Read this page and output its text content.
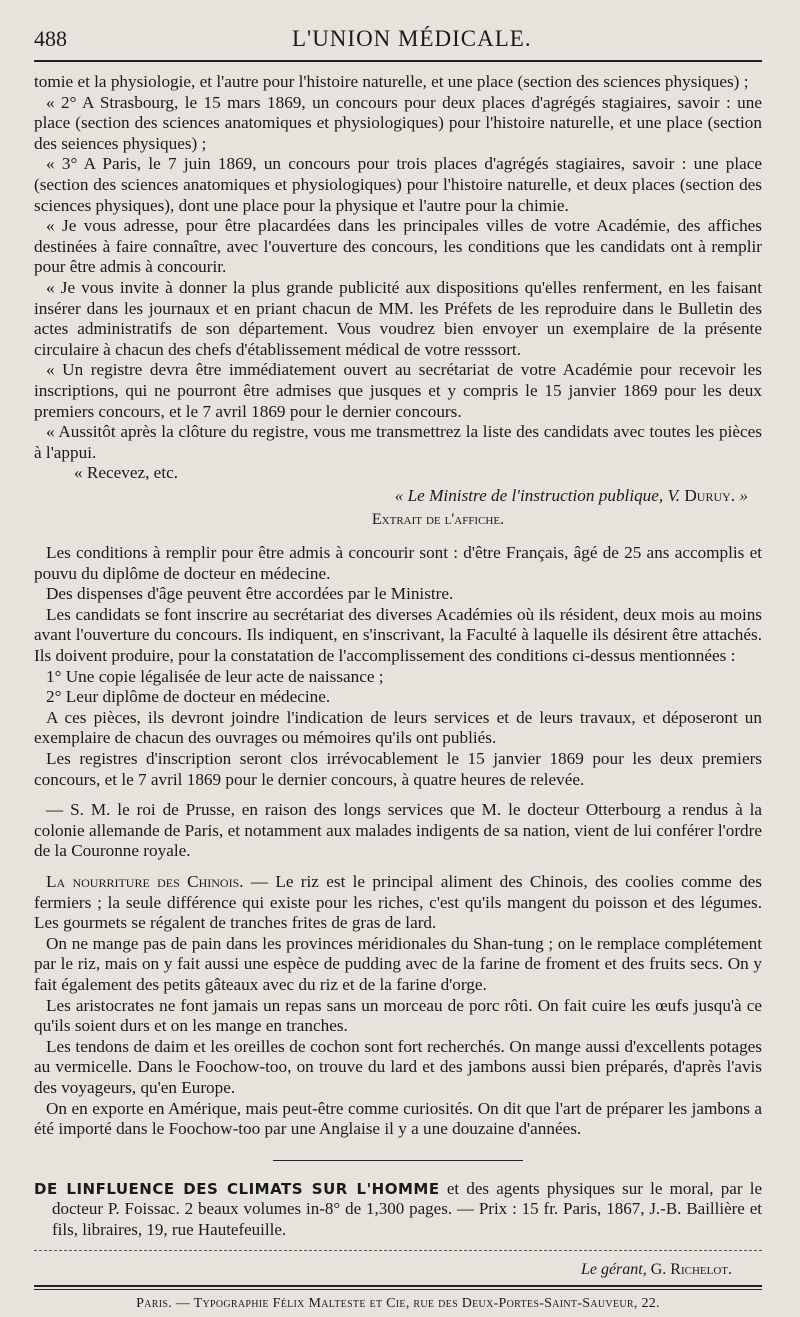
488	L'UNION MÉDICALE.

tomie et la physiologie, et l'autre pour l'histoire naturelle, et une place (section des sciences physiques) ;

« 2° A Strasbourg, le 15 mars 1869, un concours pour deux places d'agrégés stagiaires, savoir : une place (section des sciences anatomiques et physiologiques) pour l'histoire naturelle, et une place (section des seiences physiques) ;

« 3° A Paris, le 7 juin 1869, un concours pour trois places d'agrégés stagiaires, savoir : une place (section des sciences anatomiques et physiologiques) pour l'histoire naturelle, et deux places (section des sciences physiques), dont une place pour la physique et l'autre pour la chimie.

« Je vous adresse, pour être placardées dans les principales villes de votre Académie, des affiches destinées à faire connaître, avec l'ouverture des concours, les conditions que les candidats ont à remplir pour être admis à concourir.

« Je vous invite à donner la plus grande publicité aux dispositions qu'elles renferment, en les faisant insérer dans les journaux et en priant chacun de MM. les Préfets de les reproduire dans le Bulletin des actes administratifs de son département. Vous voudrez bien envoyer un exemplaire de la présente circulaire à chacun des chefs d'établissement médical de votre resssort.

« Un registre devra être immédiatement ouvert au secrétariat de votre Académie pour recevoir les inscriptions, qui ne pourront être admises que jusques et y compris le 15 janvier 1869 pour les deux premiers concours, et le 7 avril 1869 pour le dernier concours.

« Aussitôt après la clôture du registre, vous me transmettrez la liste des candidats avec toutes les pièces à l'appui.

« Recevez, etc.

« Le Ministre de l'instruction publique, V. Duruy. »
Extrait de l'affiche.

Les conditions à remplir pour être admis à concourir sont : d'être Français, âgé de 25 ans accomplis et pouvu du diplôme de docteur en médecine.

Des dispenses d'âge peuvent être accordées par le Ministre.

Les candidats se font inscrire au secrétariat des diverses Académies où ils résident, deux mois au moins avant l'ouverture du concours. Ils indiquent, en s'inscrivant, la Faculté à laquelle ils désirent être attachés. Ils doivent produire, pour la constatation de l'accomplissement des conditions ci-dessus mentionnées :

1° Une copie légalisée de leur acte de naissance ;

2° Leur diplôme de docteur en médecine.

A ces pièces, ils devront joindre l'indication de leurs services et de leurs travaux, et déposeront un exemplaire de chacun des ouvrages ou mémoires qu'ils ont publiés.

Les registres d'inscription seront clos irrévocablement le 15 janvier 1869 pour les deux premiers concours, et le 7 avril 1869 pour le dernier concours, à quatre heures de relevée.

— S. M. le roi de Prusse, en raison des longs services que M. le docteur Otterbourg a rendus à la colonie allemande de Paris, et notamment aux malades indigents de sa nation, vient de lui conférer l'ordre de la Couronne royale.

La nourriture des Chinois. — Le riz est le principal aliment des Chinois, des coolies comme des fermiers ; la seule différence qui existe pour les riches, c'est qu'ils mangent du poisson et des légumes. Les gourmets se régalent de tranches frites de gras de lard.

On ne mange pas de pain dans les provinces méridionales du Shan-tung ; on le remplace complétement par le riz, mais on y fait aussi une espèce de pudding avec de la farine de froment et des fruits secs. On y fait également des petits gâteaux avec du riz et de la farine d'orge.

Les aristocrates ne font jamais un repas sans un morceau de porc rôti. On fait cuire les œufs jusqu'à ce qu'ils soient durs et on les mange en tranches.

Les tendons de daim et les oreilles de cochon sont fort recherchés. On mange aussi d'excellents potages au vermicelle. Dans le Foochow-too, on trouve du lard et des jambons aussi bien préparés, d'après l'avis des voyageurs, qu'en Europe.

On en exporte en Amérique, mais peut-être comme curiosités. On dit que l'art de préparer les jambons a été importé dans le Foochow-too par une Anglaise il y a une douzaine d'années.

DE LINFLUENCE DES CLIMATS SUR L'HOMME et des agents physiques sur le moral, par le docteur P. Foissac. 2 beaux volumes in-8° de 1,300 pages. — Prix : 15 fr. Paris, 1867, J.-B. Baillière et fils, libraires, 19, rue Hautefeuille.

Le gérant, G. Richelot.
Paris. — Typographie Félix Malteste et Cie, rue des Deux-Portes-Saint-Sauveur, 22.
